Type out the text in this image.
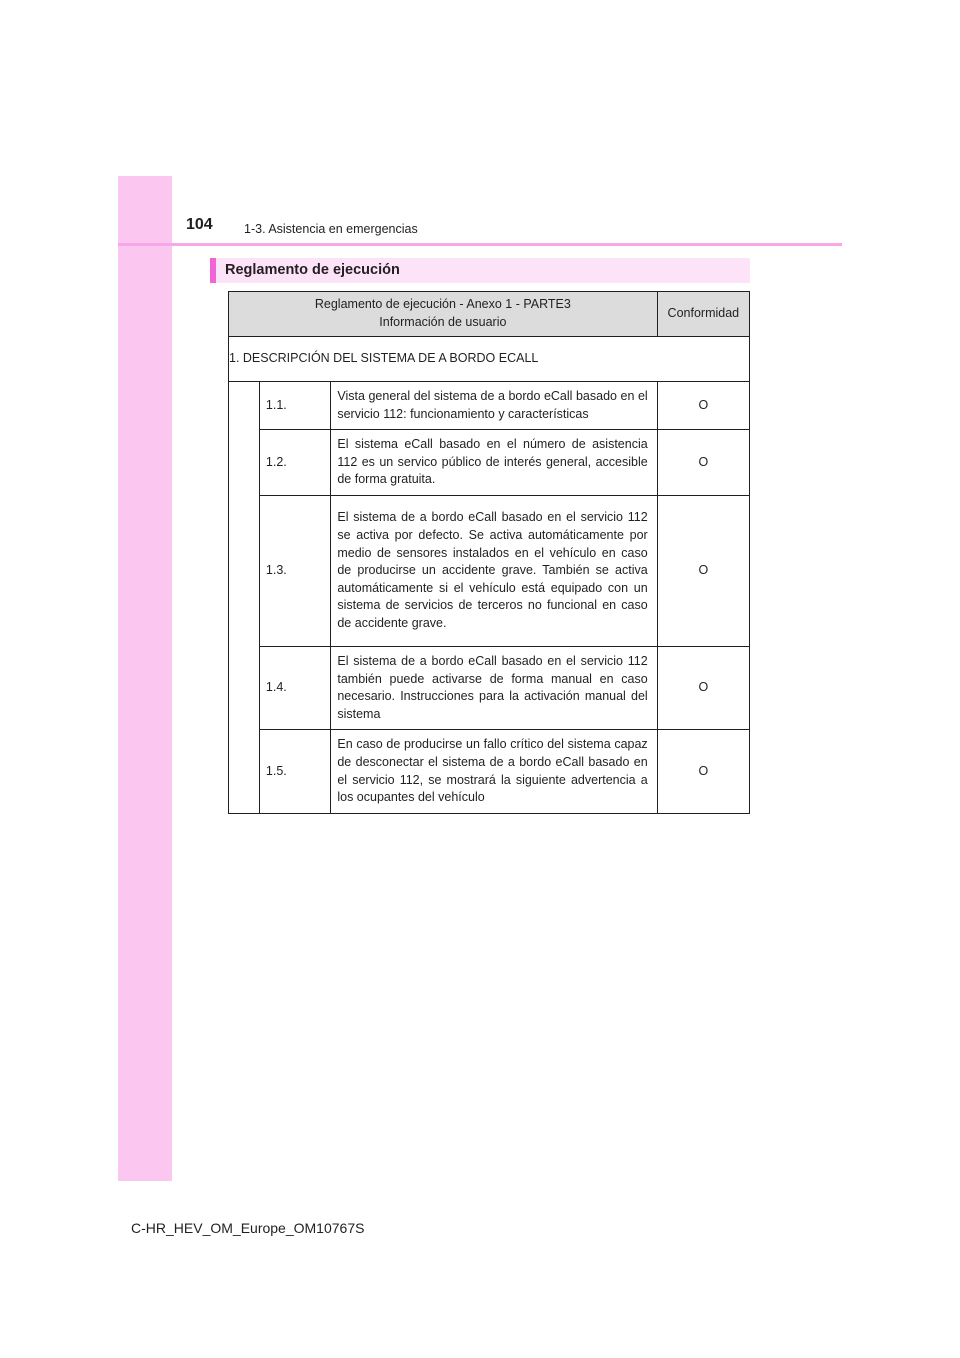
104	1-3. Asistencia en emergencias
Reglamento de ejecución
Reglamento de ejecución - Anexo 1 - PARTE3
Información de usuario			Conformidad
1. DESCRIPCIÓN DEL SISTEMA DE A BORDO ECALL			
	1.1.	Vista general del sistema de a bordo eCall basado en el servicio 112: funcionamiento y características	O
	1.2.	El sistema eCall basado en el número de asistencia 112 es un servico público de interés general, accesible de forma gratuita.	O
	1.3.	El sistema de a bordo eCall basado en el servicio 112 se activa por defecto. Se activa automáticamente por medio de sensores instalados en el vehículo en caso de producirse un accidente grave. También se activa automáticamente si el vehículo está equipado con un sistema de servicios de terceros no funcional en caso de accidente grave.	O
	1.4.	El sistema de a bordo eCall basado en el servicio 112 también puede activarse de forma manual en caso necesario. Instrucciones para la activación manual del sistema	O
	1.5.	En caso de producirse un fallo crítico del sistema capaz de desconectar el sistema de a bordo eCall basado en el servicio 112, se mostrará la siguiente advertencia a los ocupantes del vehículo	O
C-HR_HEV_OM_Europe_OM10767S
